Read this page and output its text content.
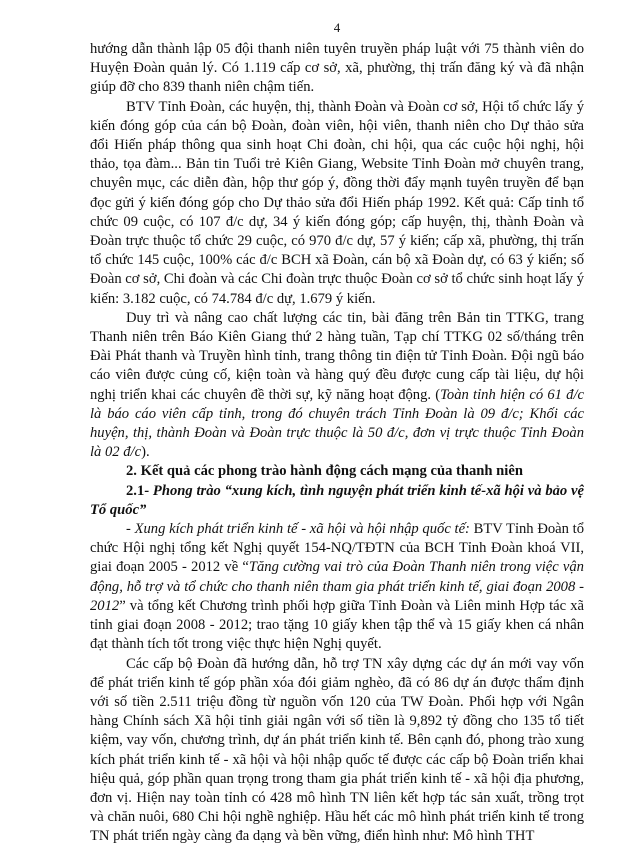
4

hướng dẫn thành lập 05 đội thanh niên tuyên truyền pháp luật với 75 thành viên do Huyện Đoàn quản lý. Có 1.119 cấp cơ sở, xã, phường, thị trấn đăng ký và đã nhận giúp đỡ cho 839 thanh niên chậm tiến.

BTV Tỉnh Đoàn, các huyện, thị, thành Đoàn và Đoàn cơ sở, Hội tổ chức lấy ý kiến đóng góp của cán bộ Đoàn, đoàn viên, hội viên, thanh niên cho Dự thảo sửa đổi Hiến pháp thông qua sinh hoạt Chi đoàn, chi hội, qua các cuộc hội nghị, hội thảo, tọa đàm... Bản tin Tuổi trẻ Kiên Giang, Website Tỉnh Đoàn mở chuyên trang, chuyên mục, các diễn đàn, hộp thư góp ý, đồng thời đẩy mạnh tuyên truyền để bạn đọc gửi ý kiến đóng góp cho Dự thảo sửa đổi Hiến pháp 1992. Kết quả: Cấp tỉnh tổ chức 09 cuộc, có 107 đ/c dự, 34 ý kiến đóng góp; cấp huyện, thị, thành Đoàn và Đoàn trực thuộc tổ chức 29 cuộc, có 970 đ/c dự, 57 ý kiến; cấp xã, phường, thị trấn tổ chức 145 cuộc, 100% các đ/c BCH xã Đoàn, cán bộ xã Đoàn dự, có 63 ý kiến; số Đoàn cơ sở, Chi đoàn và các Chi đoàn trực thuộc Đoàn cơ sở tổ chức sinh hoạt lấy ý kiến: 3.182 cuộc, có 74.784 đ/c dự, 1.679 ý kiến.

Duy trì và nâng cao chất lượng các tin, bài đăng trên Bản tin TTKG, trang Thanh niên trên Báo Kiên Giang thứ 2 hàng tuần, Tạp chí TTKG 02 số/tháng trên Đài Phát thanh và Truyền hình tỉnh, trang thông tin điện tử Tỉnh Đoàn. Đội ngũ báo cáo viên được củng cố, kiện toàn và hàng quý đều được cung cấp tài liệu, dự hội nghị triển khai các chuyên đề thời sự, kỹ năng hoạt động. (Toàn tỉnh hiện có 61 đ/c là báo cáo viên cấp tỉnh, trong đó chuyên trách Tỉnh Đoàn là 09 đ/c; Khối các huyện, thị, thành Đoàn và Đoàn trực thuộc là 50 đ/c, đơn vị trực thuộc Tỉnh Đoàn là 02 đ/c).

2. Kết quả các phong trào hành động cách mạng của thanh niên

2.1- Phong trào “xung kích, tình nguyện phát triển kinh tế-xã hội và bảo vệ Tổ quốc”

- Xung kích phát triển kinh tế - xã hội và hội nhập quốc tế: BTV Tỉnh Đoàn tổ chức Hội nghị tổng kết Nghị quyết 154-NQ/TĐTN của BCH Tỉnh Đoàn khoá VII, giai đoạn 2005 - 2012 về “Tăng cường vai trò của Đoàn Thanh niên trong việc vận động, hỗ trợ và tổ chức cho thanh niên tham gia phát triển kinh tế, giai đoạn 2008 - 2012” và tổng kết Chương trình phối hợp giữa Tỉnh Đoàn và Liên minh Hợp tác xã tỉnh giai đoạn 2008 - 2012; trao tặng 10 giấy khen tập thể và 15 giấy khen cá nhân đạt thành tích tốt trong việc thực hiện Nghị quyết.

Các cấp bộ Đoàn đã hướng dẫn, hỗ trợ TN xây dựng các dự án mới vay vốn để phát triển kinh tế góp phần xóa đói giảm nghèo, đã có 86 dự án được thẩm định với số tiền 2.511 triệu đồng từ nguồn vốn 120 của TW Đoàn. Phối hợp với Ngân hàng Chính sách Xã hội tỉnh giải ngân với số tiền là 9,892 tỷ đồng cho 135 tổ tiết kiệm, vay vốn, chương trình, dự án phát triển kinh tế. Bên cạnh đó, phong trào xung kích phát triển kinh tế - xã hội và hội nhập quốc tế được các cấp bộ Đoàn triển khai hiệu quả, góp phần quan trọng trong tham gia phát triển kinh tế - xã hội địa phương, đơn vị. Hiện nay toàn tỉnh có 428 mô hình TN liên kết hợp tác sản xuất, trồng trọt và chăn nuôi, 680 Chi hội nghề nghiệp. Hầu hết các mô hình phát triển kinh tế trong TN phát triển ngày càng đa dạng và bền vững, điển hình như: Mô hình THT
